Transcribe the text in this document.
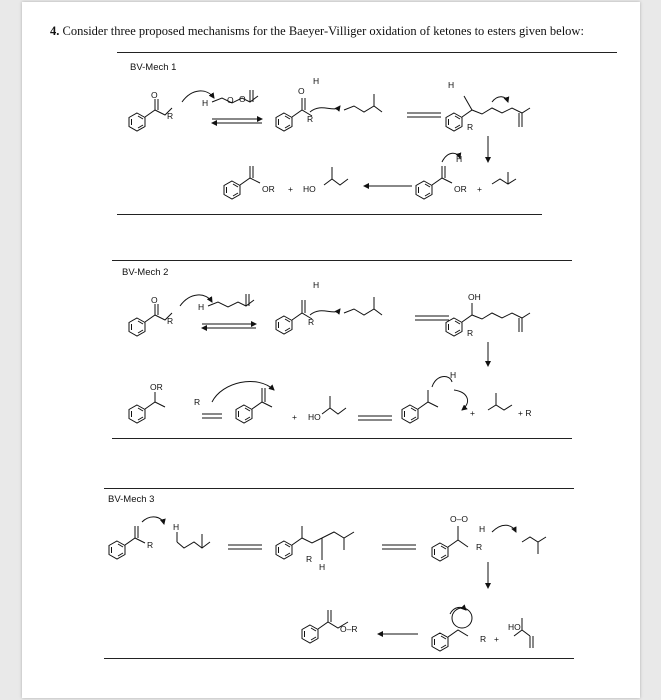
4. Consider three proposed mechanisms for the Baeyer-Villiger oxidation of ketones to esters given below:
BV-Mech 1
BV-Mech 2
BV-Mech 3
R
O
H O O
H
O
R
H
R
H
OR +
OR + HO
R
O
H
R
H
OH
R
OR
R
+ HO
H
+	+ R
R
H
R
H
O–O
H
R
O–R
R +
HO
